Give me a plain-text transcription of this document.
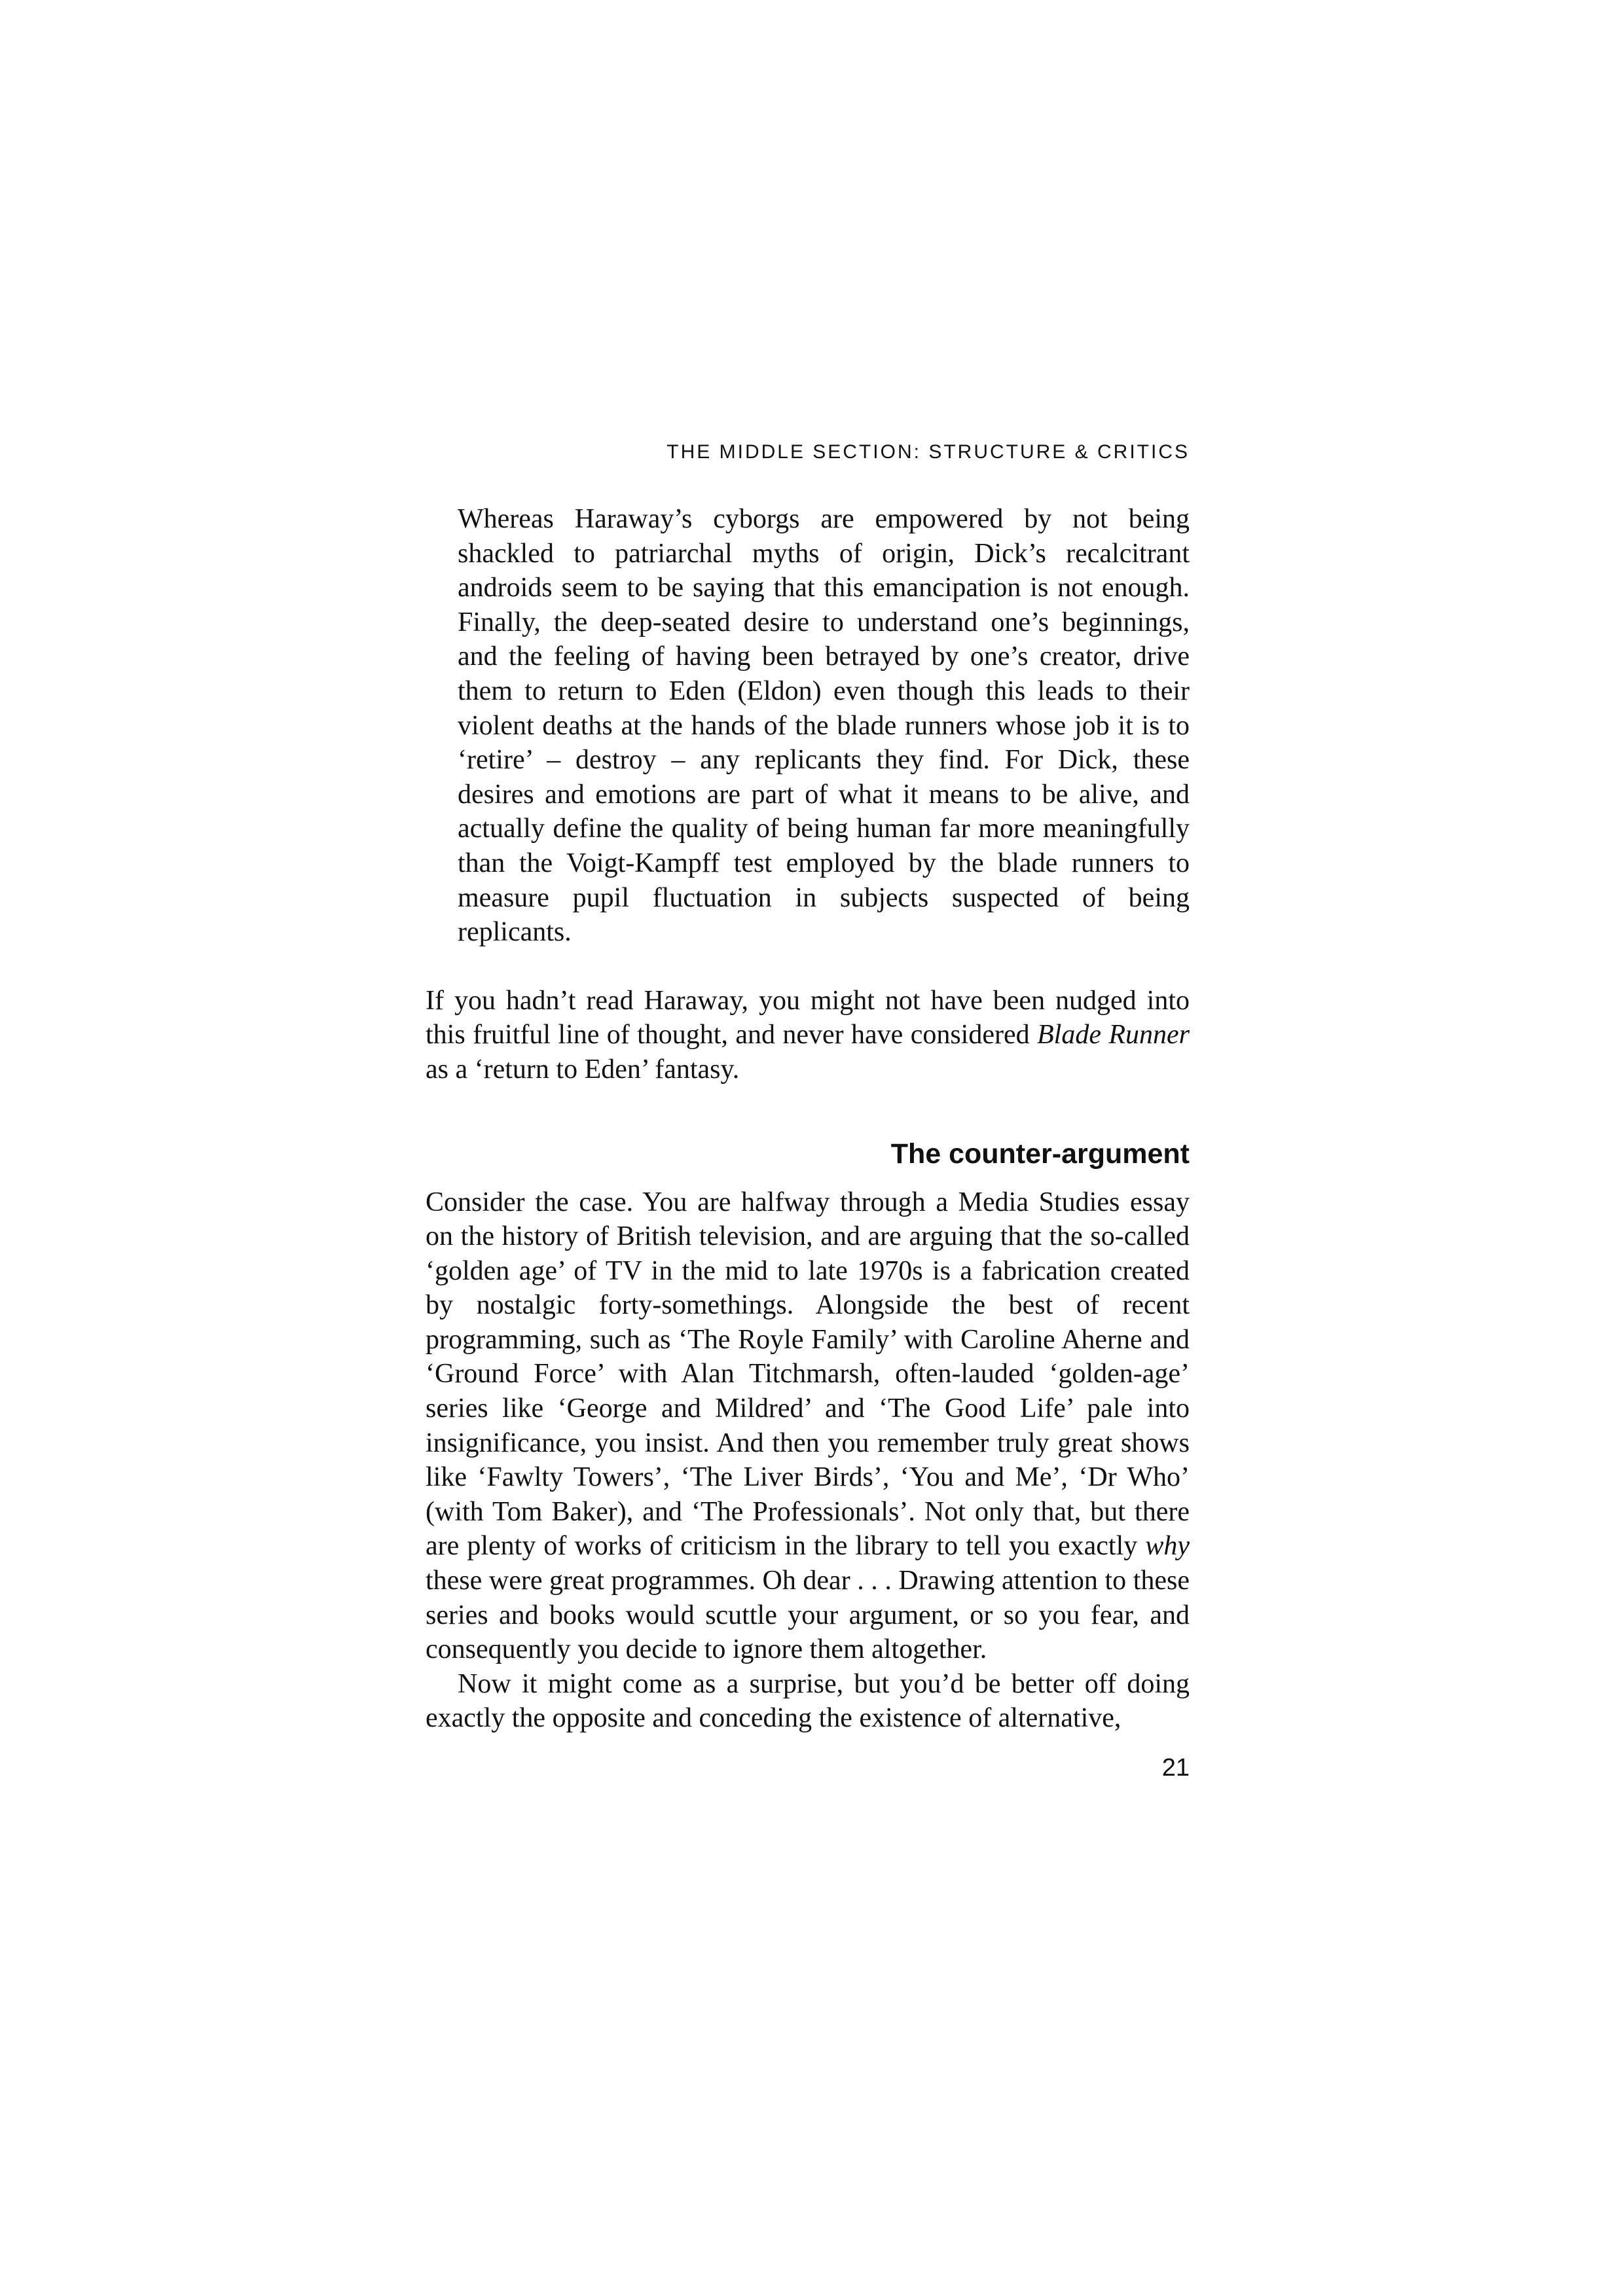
THE MIDDLE SECTION: STRUCTURE & CRITICS

Whereas Haraway’s cyborgs are empowered by not being shackled to patriarchal myths of origin, Dick’s recalcitrant androids seem to be saying that this emancipation is not enough. Finally, the deep-seated desire to understand one’s beginnings, and the feeling of having been betrayed by one’s creator, drive them to return to Eden (Eldon) even though this leads to their violent deaths at the hands of the blade runners whose job it is to ‘retire’ – destroy – any replicants they find. For Dick, these desires and emotions are part of what it means to be alive, and actually define the quality of being human far more meaningfully than the Voigt-Kampff test employed by the blade runners to measure pupil fluctuation in subjects suspected of being replicants.

If you hadn’t read Haraway, you might not have been nudged into this fruitful line of thought, and never have considered Blade Runner as a ‘return to Eden’ fantasy.

The counter-argument

Consider the case. You are halfway through a Media Studies essay on the history of British television, and are arguing that the so-called ‘golden age’ of TV in the mid to late 1970s is a fabrication created by nostalgic forty-somethings. Alongside the best of recent programming, such as ‘The Royle Family’ with Caroline Aherne and ‘Ground Force’ with Alan Titchmarsh, often-lauded ‘golden-age’ series like ‘George and Mildred’ and ‘The Good Life’ pale into insignificance, you insist. And then you remember truly great shows like ‘Fawlty Towers’, ‘The Liver Birds’, ‘You and Me’, ‘Dr Who’ (with Tom Baker), and ‘The Professionals’. Not only that, but there are plenty of works of criticism in the library to tell you exactly why these were great programmes. Oh dear . . . Drawing attention to these series and books would scuttle your argument, or so you fear, and consequently you decide to ignore them altogether.

Now it might come as a surprise, but you’d be better off doing exactly the opposite and conceding the existence of alternative,

21
